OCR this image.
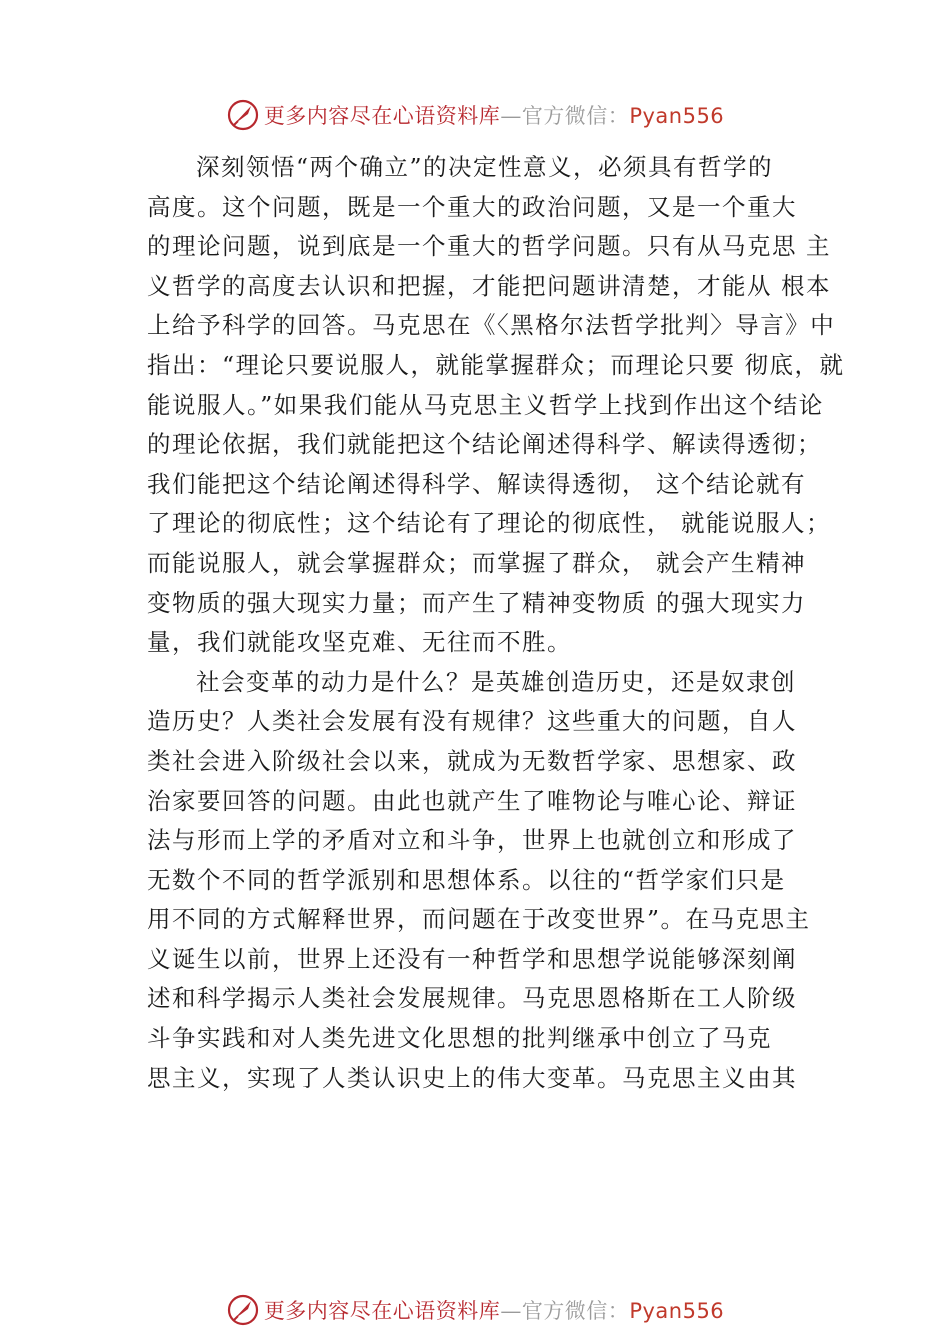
更多内容尽在心语资料库—官方微信：Pyan556
深刻领悟“两个确立”的决定性意义，必须具有哲学的
高度。这个问题，既是一个重大的政治问题，又是一个重大
的理论问题，说到底是一个重大的哲学问题。只有从马克思 主
义哲学的高度去认识和把握，才能把问题讲清楚，才能从 根本
上给予科学的回答。马克思在《〈黑格尔法哲学批判〉导言》中
指出：“理论只要说服人，就能掌握群众；而理论只要 彻底，就
能说服人。”如果我们能从马克思主义哲学上找到作出这个结论
的理论依据，我们就能把这个结论阐述得科学、解读得透彻；
我们能把这个结论阐述得科学、解读得透彻， 这个结论就有
了理论的彻底性；这个结论有了理论的彻底性， 就能说服人；
而能说服人，就会掌握群众；而掌握了群众， 就会产生精神
变物质的强大现实力量；而产生了精神变物质 的强大现实力
量，我们就能攻坚克难、无往而不胜。
社会变革的动力是什么？是英雄创造历史，还是奴隶创
造历史？人类社会发展有没有规律？这些重大的问题，自人
类社会进入阶级社会以来，就成为无数哲学家、思想家、政
治家要回答的问题。由此也就产生了唯物论与唯心论、辩证
法与形而上学的矛盾对立和斗争，世界上也就创立和形成了
无数个不同的哲学派别和思想体系。以往的“哲学家们只是
用不同的方式解释世界，而问题在于改变世界”。在马克思主
义诞生以前，世界上还没有一种哲学和思想学说能够深刻阐
述和科学揭示人类社会发展规律。马克思恩格斯在工人阶级
斗争实践和对人类先进文化思想的批判继承中创立了马克
思主义，实现了人类认识史上的伟大变革。马克思主义由其
更多内容尽在心语资料库—官方微信：Pyan556
